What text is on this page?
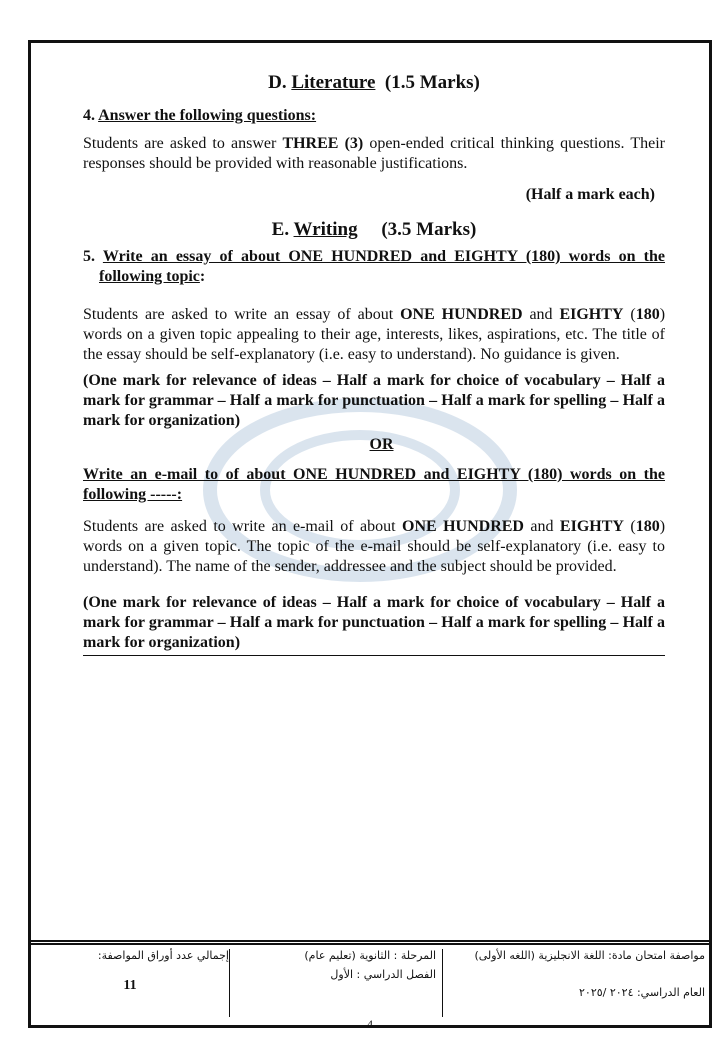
D. Literature (1.5 Marks)

4. Answer the following questions:

Students are asked to answer THREE (3) open-ended critical thinking questions. Their responses should be provided with reasonable justifications.

(Half a mark each)

E. Writing (3.5 Marks)

5. Write an essay of about ONE HUNDRED and EIGHTY (180) words on the following topic:

Students are asked to write an essay of about ONE HUNDRED and EIGHTY (180) words on a given topic appealing to their age, interests, likes, aspirations, etc. The title of the essay should be self-explanatory (i.e. easy to understand). No guidance is given.

(One mark for relevance of ideas – Half a mark for choice of vocabulary – Half a mark for grammar – Half a mark for punctuation – Half a mark for spelling – Half a mark for organization)

OR

Write an e-mail to of about ONE HUNDRED and EIGHTY (180) words on the following -----:

Students are asked to write an e-mail of about ONE HUNDRED and EIGHTY (180) words on a given topic. The topic of the e-mail should be self-explanatory (i.e. easy to understand). The name of the sender, addressee and the subject should be provided.

(One mark for relevance of ideas – Half a mark for choice of vocabulary – Half a mark for grammar – Half a mark for punctuation – Half a mark for spelling – Half a mark for organization)

مواصفة امتحان مادة: اللغة الانجليزية (اللغه الأولى)
العام الدراسي: ٢٠٢٤ /٢٠٢٥
المرحلة : الثانوية (تعليم عام)
الفصل الدراسي : الأول
إجمالي عدد أوراق المواصفة:
11
4
